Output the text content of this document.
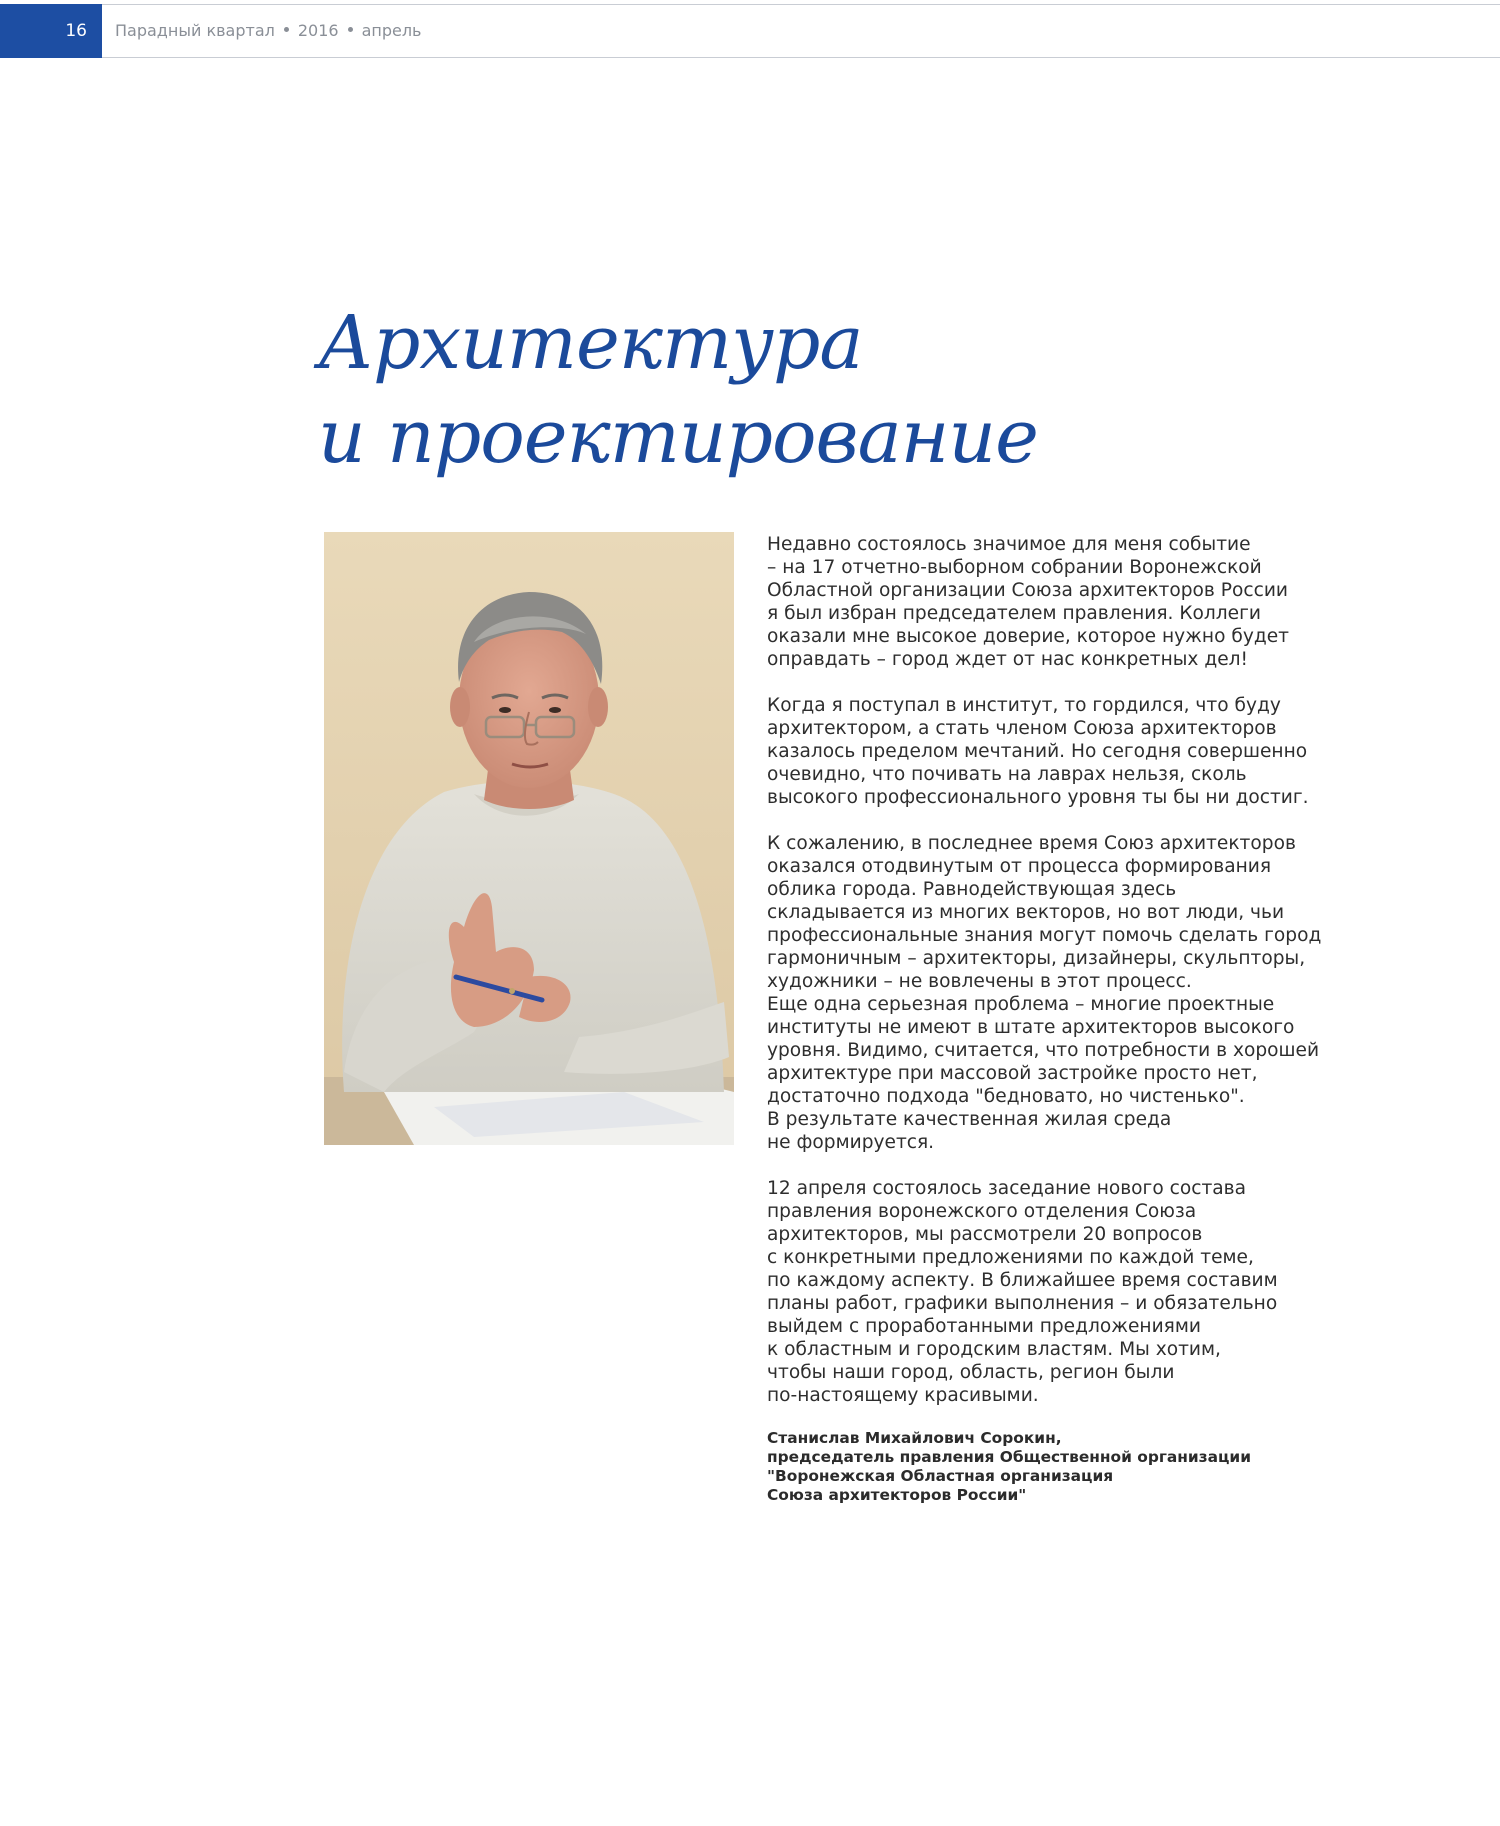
16	Парадный квартал 2016 апрель
Архитектура
и проектирование

Недавно состоялось значимое для меня событие
– на 17 отчетно-выборном собрании Воронежской
Областной организации Союза архитекторов России
я был избран председателем правления. Коллеги
оказали мне высокое доверие, которое нужно будет
оправдать – город ждет от нас конкретных дел!

Когда я поступал в институт, то гордился, что буду
архитектором, а стать членом Союза архитекторов
казалось пределом мечтаний. Но сегодня совершенно
очевидно, что почивать на лаврах нельзя, сколь
высокого профессионального уровня ты бы ни достиг.

К сожалению, в последнее время Союз архитекторов
оказался отодвинутым от процесса формирования
облика города. Равнодействующая здесь
складывается из многих векторов, но вот люди, чьи
профессиональные знания могут помочь сделать город
гармоничным – архитекторы, дизайнеры, скульпторы,
художники – не вовлечены в этот процесс.
Еще одна серьезная проблема – многие проектные
институты не имеют в штате архитекторов высокого
уровня. Видимо, считается, что потребности в хорошей
архитектуре при массовой застройке просто нет,
достаточно подхода "бедновато, но чистенько".
В результате качественная жилая среда
не формируется.

12 апреля состоялось заседание нового состава
правления воронежского отделения Союза
архитекторов, мы рассмотрели 20 вопросов
с конкретными предложениями по каждой теме,
по каждому аспекту. В ближайшее время составим
планы работ, графики выполнения – и обязательно
выйдем с проработанными предложениями
к областным и городским властям. Мы хотим,
чтобы наши город, область, регион были
по-настоящему красивыми.

Станислав Михайлович Сорокин,
председатель правления Общественной организации
"Воронежская Областная организация
Союза архитекторов России"
